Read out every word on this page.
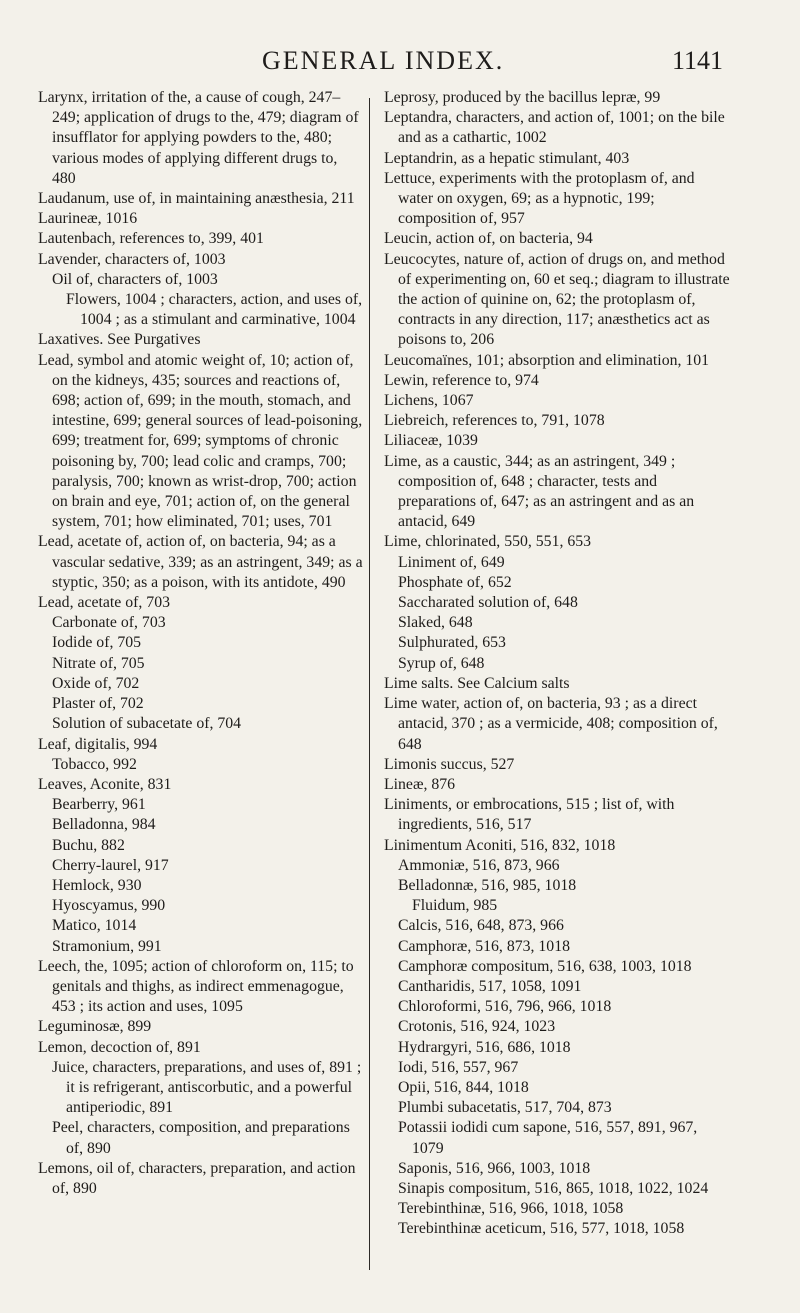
GENERAL INDEX.	1141

Larynx, irritation of the, a cause of cough, 247–249; application of drugs to the, 479; diagram of insufflator for applying powders to the, 480; various modes of applying different drugs to, 480

Laudanum, use of, in maintaining anæsthesia, 211

Laurineæ, 1016

Lautenbach, references to, 399, 401

Lavender, characters of, 1003

Oil of, characters of, 1003

Flowers, 1004 ; characters, action, and uses of, 1004 ; as a stimulant and carminative, 1004

Laxatives. See Purgatives

Lead, symbol and atomic weight of, 10; action of, on the kidneys, 435; sources and reactions of, 698; action of, 699; in the mouth, stomach, and intestine, 699; general sources of lead-poisoning, 699; treatment for, 699; symptoms of chronic poisoning by, 700; lead colic and cramps, 700; paralysis, 700; known as wrist-drop, 700; action on brain and eye, 701; action of, on the general system, 701; how eliminated, 701; uses, 701

Lead, acetate of, action of, on bacteria, 94; as a vascular sedative, 339; as an astringent, 349; as a styptic, 350; as a poison, with its antidote, 490

Lead, acetate of, 703

Carbonate of, 703

Iodide of, 705

Nitrate of, 705

Oxide of, 702

Plaster of, 702

Solution of subacetate of, 704

Leaf, digitalis, 994

Tobacco, 992

Leaves, Aconite, 831

Bearberry, 961

Belladonna, 984

Buchu, 882

Cherry-laurel, 917

Hemlock, 930

Hyoscyamus, 990

Matico, 1014

Stramonium, 991

Leech, the, 1095; action of chloroform on, 115; to genitals and thighs, as indirect emmenagogue, 453 ; its action and uses, 1095

Leguminosæ, 899

Lemon, decoction of, 891

Juice, characters, preparations, and uses of, 891 ; it is refrigerant, antiscorbutic, and a powerful antiperiodic, 891

Peel, characters, composition, and preparations of, 890

Lemons, oil of, characters, preparation, and action of, 890

Leprosy, produced by the bacillus lepræ, 99

Leptandra, characters, and action of, 1001; on the bile and as a cathartic, 1002

Leptandrin, as a hepatic stimulant, 403

Lettuce, experiments with the protoplasm of, and water on oxygen, 69; as a hypnotic, 199; composition of, 957

Leucin, action of, on bacteria, 94

Leucocytes, nature of, action of drugs on, and method of experimenting on, 60 et seq.; diagram to illustrate the action of quinine on, 62; the protoplasm of, contracts in any direction, 117; anæsthetics act as poisons to, 206

Leucomaïnes, 101; absorption and elimination, 101

Lewin, reference to, 974

Lichens, 1067

Liebreich, references to, 791, 1078

Liliaceæ, 1039

Lime, as a caustic, 344; as an astringent, 349 ; composition of, 648 ; character, tests and preparations of, 647; as an astringent and as an antacid, 649

Lime, chlorinated, 550, 551, 653

Liniment of, 649

Phosphate of, 652

Saccharated solution of, 648

Slaked, 648

Sulphurated, 653

Syrup of, 648

Lime salts. See Calcium salts

Lime water, action of, on bacteria, 93 ; as a direct antacid, 370 ; as a vermicide, 408; composition of, 648

Limonis succus, 527

Lineæ, 876

Liniments, or embrocations, 515 ; list of, with ingredients, 516, 517

Linimentum Aconiti, 516, 832, 1018

Ammoniæ, 516, 873, 966

Belladonnæ, 516, 985, 1018

Fluidum, 985

Calcis, 516, 648, 873, 966

Camphoræ, 516, 873, 1018

Camphoræ compositum, 516, 638, 1003, 1018

Cantharidis, 517, 1058, 1091

Chloroformi, 516, 796, 966, 1018

Crotonis, 516, 924, 1023

Hydrargyri, 516, 686, 1018

Iodi, 516, 557, 967

Opii, 516, 844, 1018

Plumbi subacetatis, 517, 704, 873

Potassii iodidi cum sapone, 516, 557, 891, 967, 1079

Saponis, 516, 966, 1003, 1018

Sinapis compositum, 516, 865, 1018, 1022, 1024

Terebinthinæ, 516, 966, 1018, 1058

Terebinthinæ aceticum, 516, 577, 1018, 1058
